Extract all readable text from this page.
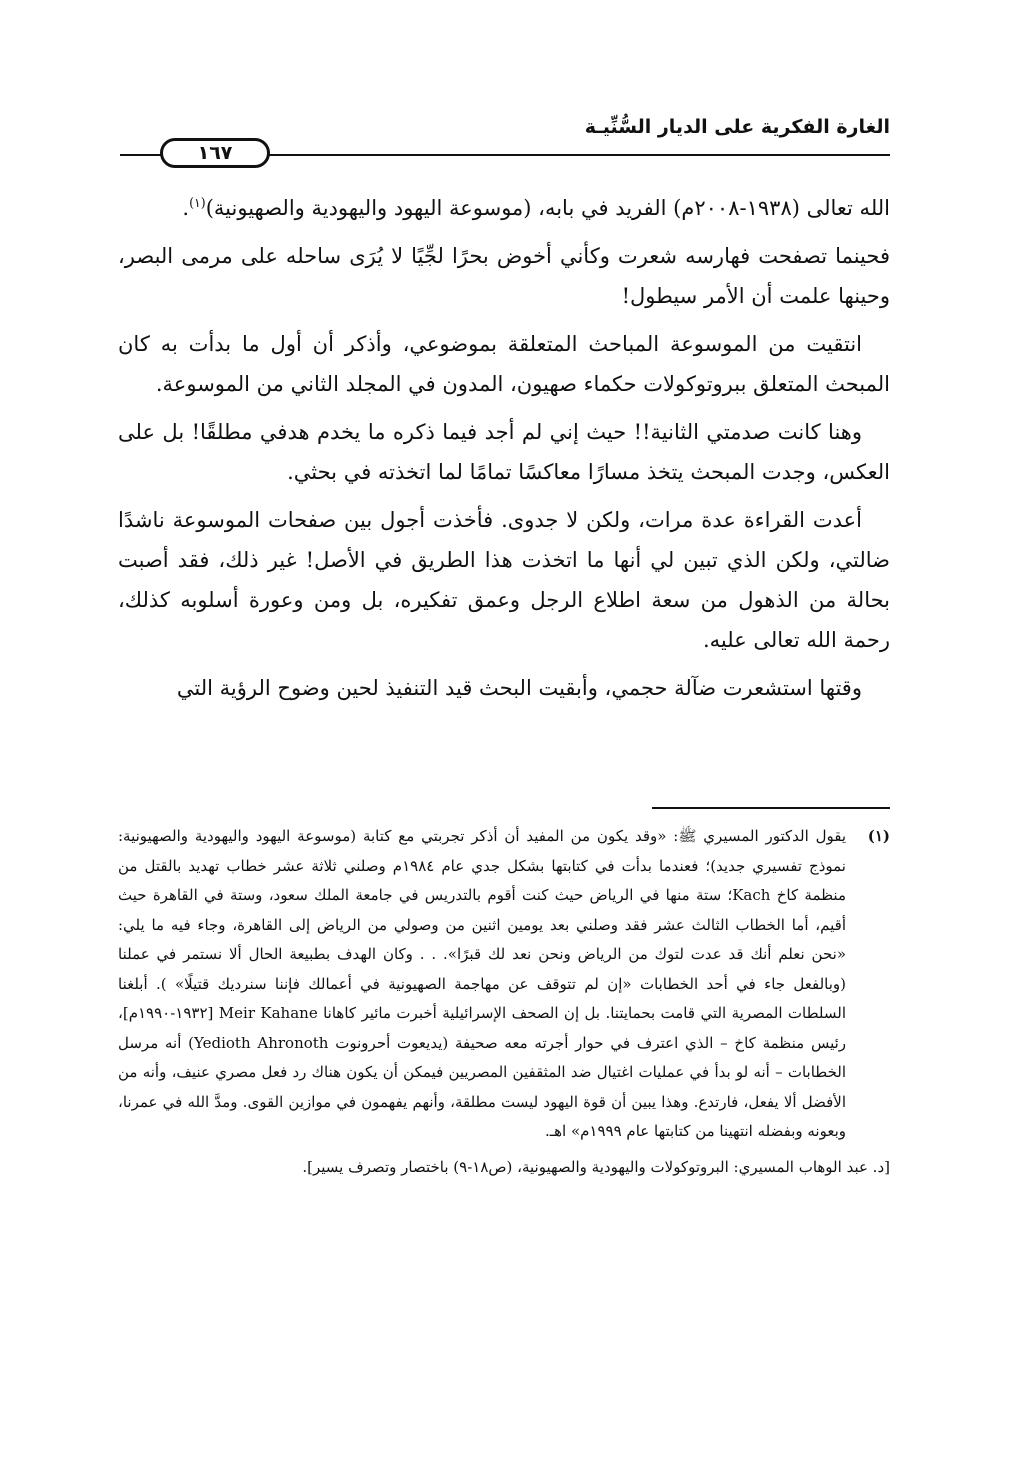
الغارة الفكرية على الديار السُّنِّيـة
١٦٧

الله تعالى (١٩٣٨-٢٠٠٨م) الفريد في بابه، (موسوعة اليهود واليهودية والصهيونية)$^{(١)}$.

فحينما تصفحت فهارسه شعرت وكأني أخوض بحرًا لجِّيًا لا يُرَى ساحله على مرمى البصر، وحينها علمت أن الأمر سيطول!

انتقيت من الموسوعة المباحث المتعلقة بموضوعي، وأذكر أن أول ما بدأت به كان المبحث المتعلق ببروتوكولات حكماء صهيون، المدون في المجلد الثاني من الموسوعة.

وهنا كانت صدمتي الثانية!! حيث إني لم أجد فيما ذكره ما يخدم هدفي مطلقًا! بل على العكس، وجدت المبحث يتخذ مسارًا معاكسًا تمامًا لما اتخذته في بحثي.

أعدت القراءة عدة مرات، ولكن لا جدوى. فأخذت أجول بين صفحات الموسوعة ناشدًا ضالتي، ولكن الذي تبين لي أنها ما اتخذت هذا الطريق في الأصل! غير ذلك، فقد أصبت بحالة من الذهول من سعة اطلاع الرجل وعمق تفكيره، بل ومن وعورة أسلوبه كذلك، رحمة الله تعالى عليه.

وقتها استشعرت ضآلة حجمي، وأبقيت البحث قيد التنفيذ لحين وضوح الرؤية التي

(١)
يقول الدكتور المسيري ﷺ: «وقد يكون من المفيد أن أذكر تجربتي مع كتابة (موسوعة اليهود واليهودية والصهيونية: نموذج تفسيري جديد)؛ فعندما بدأت في كتابتها بشكل جدي عام ١٩٨٤م وصلني ثلاثة عشر خطاب تهديد بالقتل من منظمة كاخ Kach؛ ستة منها في الرياض حيث كنت أقوم بالتدريس في جامعة الملك سعود، وستة في القاهرة حيث أقيم، أما الخطاب الثالث عشر فقد وصلني بعد يومين اثنين من وصولي من الرياض إلى القاهرة، وجاء فيه ما يلي: «نحن نعلم أنك قد عدت لتوك من الرياض ونحن نعد لك قبرًا». . . وكان الهدف بطبيعة الحال ألا نستمر في عملنا (وبالفعل جاء في أحد الخطابات «إن لم تتوقف عن مهاجمة الصهيونية في أعمالك فإننا سنرديك قتيلًا» ). أبلغنا السلطات المصرية التي قامت بحمايتنا. بل إن الصحف الإسرائيلية أخبرت مائير كاهانا Meir Kahane [١٩٣٢-١٩٩٠م]، رئيس منظمة كاخ – الذي اعترف في حوار أجرته معه صحيفة (يديعوت أحرونوت Yedioth Ahronoth) أنه مرسل الخطابات – أنه لو بدأ في عمليات اغتيال ضد المثقفين المصريين فيمكن أن يكون هناك رد فعل مصري عنيف، وأنه من الأفضل ألا يفعل، فارتدع. وهذا يبين أن قوة اليهود ليست مطلقة، وأنهم يفهمون في موازين القوى. ومدَّ الله في عمرنا، وبعونه وبفضله انتهينا من كتابتها عام ١٩٩٩م» اهـ.

[د. عبد الوهاب المسيري: البروتوكولات واليهودية والصهيونية، (ص١٨-٩) باختصار وتصرف يسير].
